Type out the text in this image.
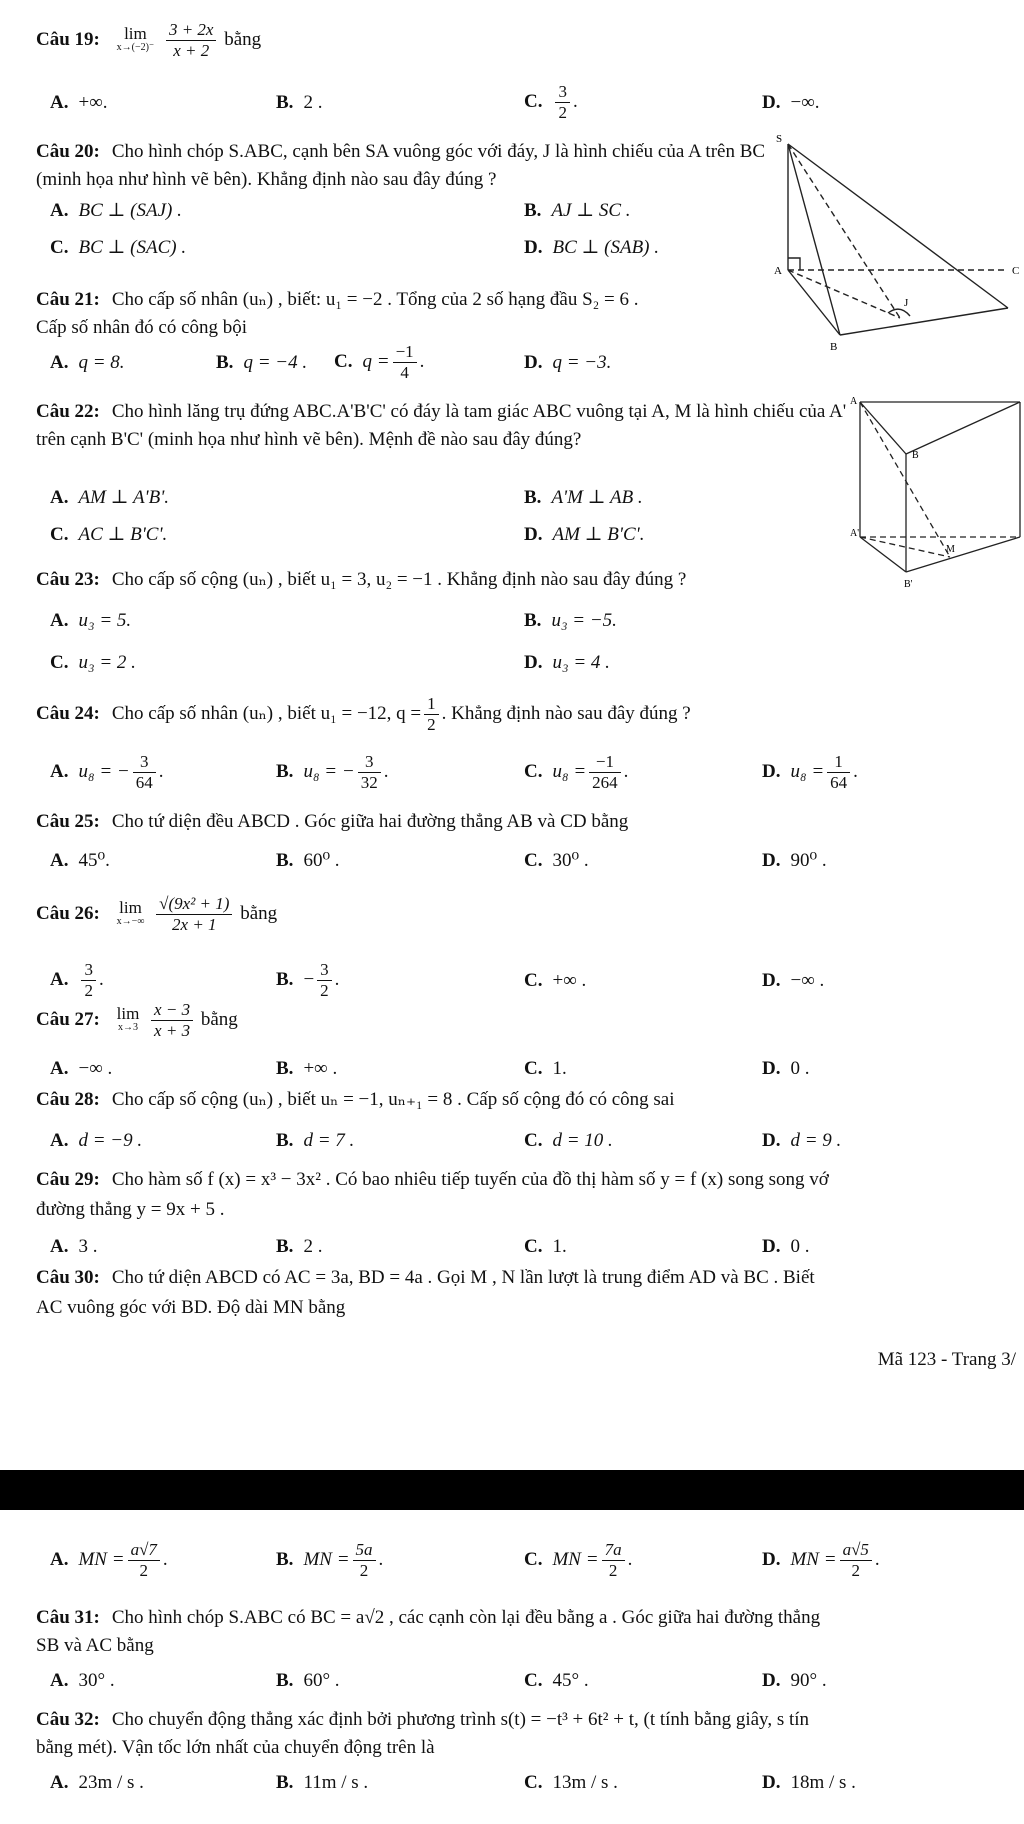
Câu 19:	lim
x→(−2)⁻
$\frac{3 + 2x}{x + 2}$ bằng
A. +∞.	B. 2 .	C. $\frac{3}{2}$ .	D. −∞.
Câu 20: Cho hình chóp S.ABC, cạnh bên SA vuông góc với đáy, J là hình chiếu của A trên BC (minh họa như hình vẽ bên). Khẳng định nào sau đây đúng ?
A. BC ⊥ (SAJ) .	B. AJ ⊥ SC .
C. BC ⊥ (SAC) .	D. BC ⊥ (SAB) .
S
A
B
C
J
Câu 21: Cho cấp số nhân (uₙ) , biết: u₁ = −2 . Tổng của 2 số hạng đầu S₂ = 6 .
Cấp số nhân đó có công bội
A. q = 8.	B. q = −4 . C. $q = \frac{-1}{4}$ .	D. q = −3.
Câu 22: Cho hình lăng trụ đứng ABC.A'B'C' có đáy là tam giác ABC vuông tại A, M là hình chiếu của A' trên cạnh B'C' (minh họa như hình vẽ bên). Mệnh đề nào sau đây đúng?
A. AM ⊥ A'B'.	B. A'M ⊥ AB .
C. AC ⊥ B'C'.	D. AM ⊥ B'C'.
A
B
A'
B'
M
Câu 23: Cho cấp số cộng (uₙ) , biết u₁ = 3, u₂ = −1 . Khẳng định nào sau đây đúng ?
A. u₃ = 5.	B. u₃ = −5.
C. u₃ = 2 .	D. u₃ = 4 .
Câu 24: Cho cấp số nhân (uₙ) , biết u₁ = −12, $q = \frac{1}{2}$ . Khẳng định nào sau đây đúng ?
A. u₈ = − $\frac{3}{64}$ .	B. u₈ = − $\frac{3}{32}$ .	C. $u_8 = \frac{-1}{264}$ .	D. $u_8 = \frac{1}{64}$ .
Câu 25: Cho tứ diện đều ABCD . Góc giữa hai đường thẳng AB và CD bằng
A. 45⁰.	B. 60⁰ .	C. 30⁰ .	D. 90⁰ .
Câu 26: lim
x→−∞
$\frac{\text{√(9x² + 1)}}{2x + 1}$ bằng
A. $\frac{3}{2}$ .	B. − $\frac{3}{2}$ .	C. +∞ .	D. −∞ .
Câu 27: lim
x→3
$\frac{x - 3}{x + 3}$ bằng
A. −∞ .	B. +∞ .	C. 1.	D. 0 .
Câu 28: Cho cấp số cộng (uₙ) , biết uₙ = −1, uₙ₊₁ = 8 . Cấp số cộng đó có công sai
A. d = −9 .	B. d = 7 .	C. d = 10 .	D. d = 9 .
Câu 29: Cho hàm số f (x) = x³ − 3x² . Có bao nhiêu tiếp tuyến của đồ thị hàm số y = f (x) song song vớ
đường thẳng y = 9x + 5 .
A. 3 .	B. 2 .	C. 1.	D. 0 .
Câu 30: Cho tứ diện ABCD có AC = 3a, BD = 4a . Gọi M , N lần lượt là trung điểm AD và BC . Biết
AC vuông góc với BD. Độ dài MN bằng
Mã 123 - Trang 3/
A. MN = $\frac{a√7}{2}$ .	B. MN = $\frac{5a}{2}$ .	C. MN = $\frac{7a}{2}$ .	D. MN = $\frac{a√5}{2}$ .
Câu 31: Cho hình chóp S.ABC có BC = a√2 , các cạnh còn lại đều bằng a . Góc giữa hai đường thẳng
SB và AC bằng
A. 30° .	B. 60° .	C. 45° .	D. 90° .
Câu 32: Cho chuyển động thẳng xác định bởi phương trình s(t) = −t³ + 6t² + t, (t tính bằng giây, s tín
bằng mét). Vận tốc lớn nhất của chuyển động trên là
A. 23m / s .	B. 11m / s .	C. 13m / s .	D. 18m / s .
